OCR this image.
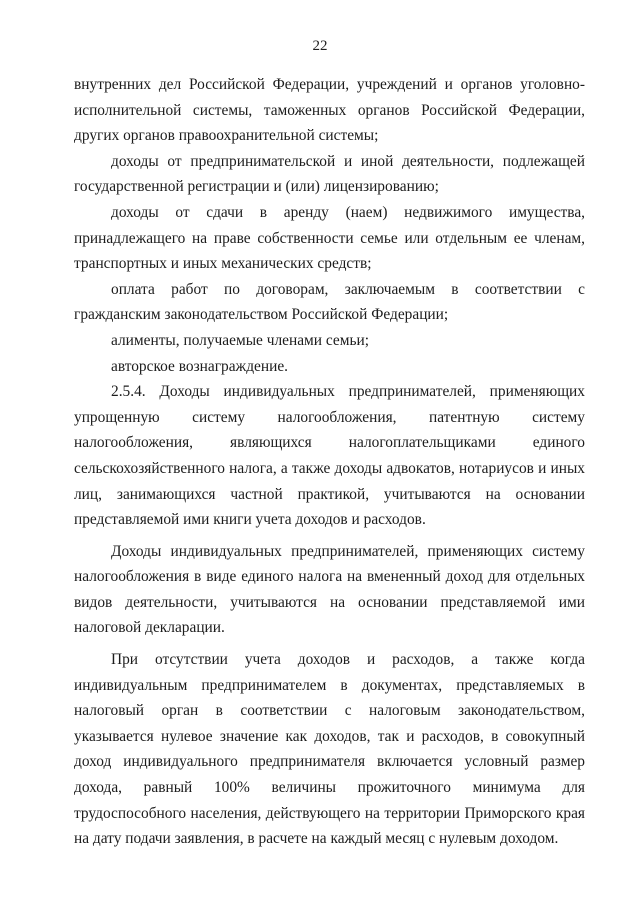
22

внутренних дел Российской Федерации, учреждений и органов уголовно-исполнительной системы, таможенных органов Российской Федерации, других органов правоохранительной системы;

доходы от предпринимательской и иной деятельности, подлежащей государственной регистрации и (или) лицензированию;

доходы от сдачи в аренду (наем) недвижимого имущества, принадлежащего на праве собственности семье или отдельным ее членам, транспортных и иных механических средств;

оплата работ по договорам, заключаемым в соответствии с гражданским законодательством Российской Федерации;

алименты, получаемые членами семьи;

авторское вознаграждение.

2.5.4. Доходы индивидуальных предпринимателей, применяющих упрощенную систему налогообложения, патентную систему налогообложения, являющихся налогоплательщиками единого сельскохозяйственного налога, а также доходы адвокатов, нотариусов и иных лиц, занимающихся частной практикой, учитываются на основании представляемой ими книги учета доходов и расходов.

Доходы индивидуальных предпринимателей, применяющих систему налогообложения в виде единого налога на вмененный доход для отдельных видов деятельности, учитываются на основании представляемой ими налоговой декларации.

При отсутствии учета доходов и расходов, а также когда индивидуальным предпринимателем в документах, представляемых в налоговый орган в соответствии с налоговым законодательством, указывается нулевое значение как доходов, так и расходов, в совокупный доход индивидуального предпринимателя включается условный размер дохода, равный 100% величины прожиточного минимума для трудоспособного населения, действующего на территории Приморского края на дату подачи заявления, в расчете на каждый месяц с нулевым доходом.
